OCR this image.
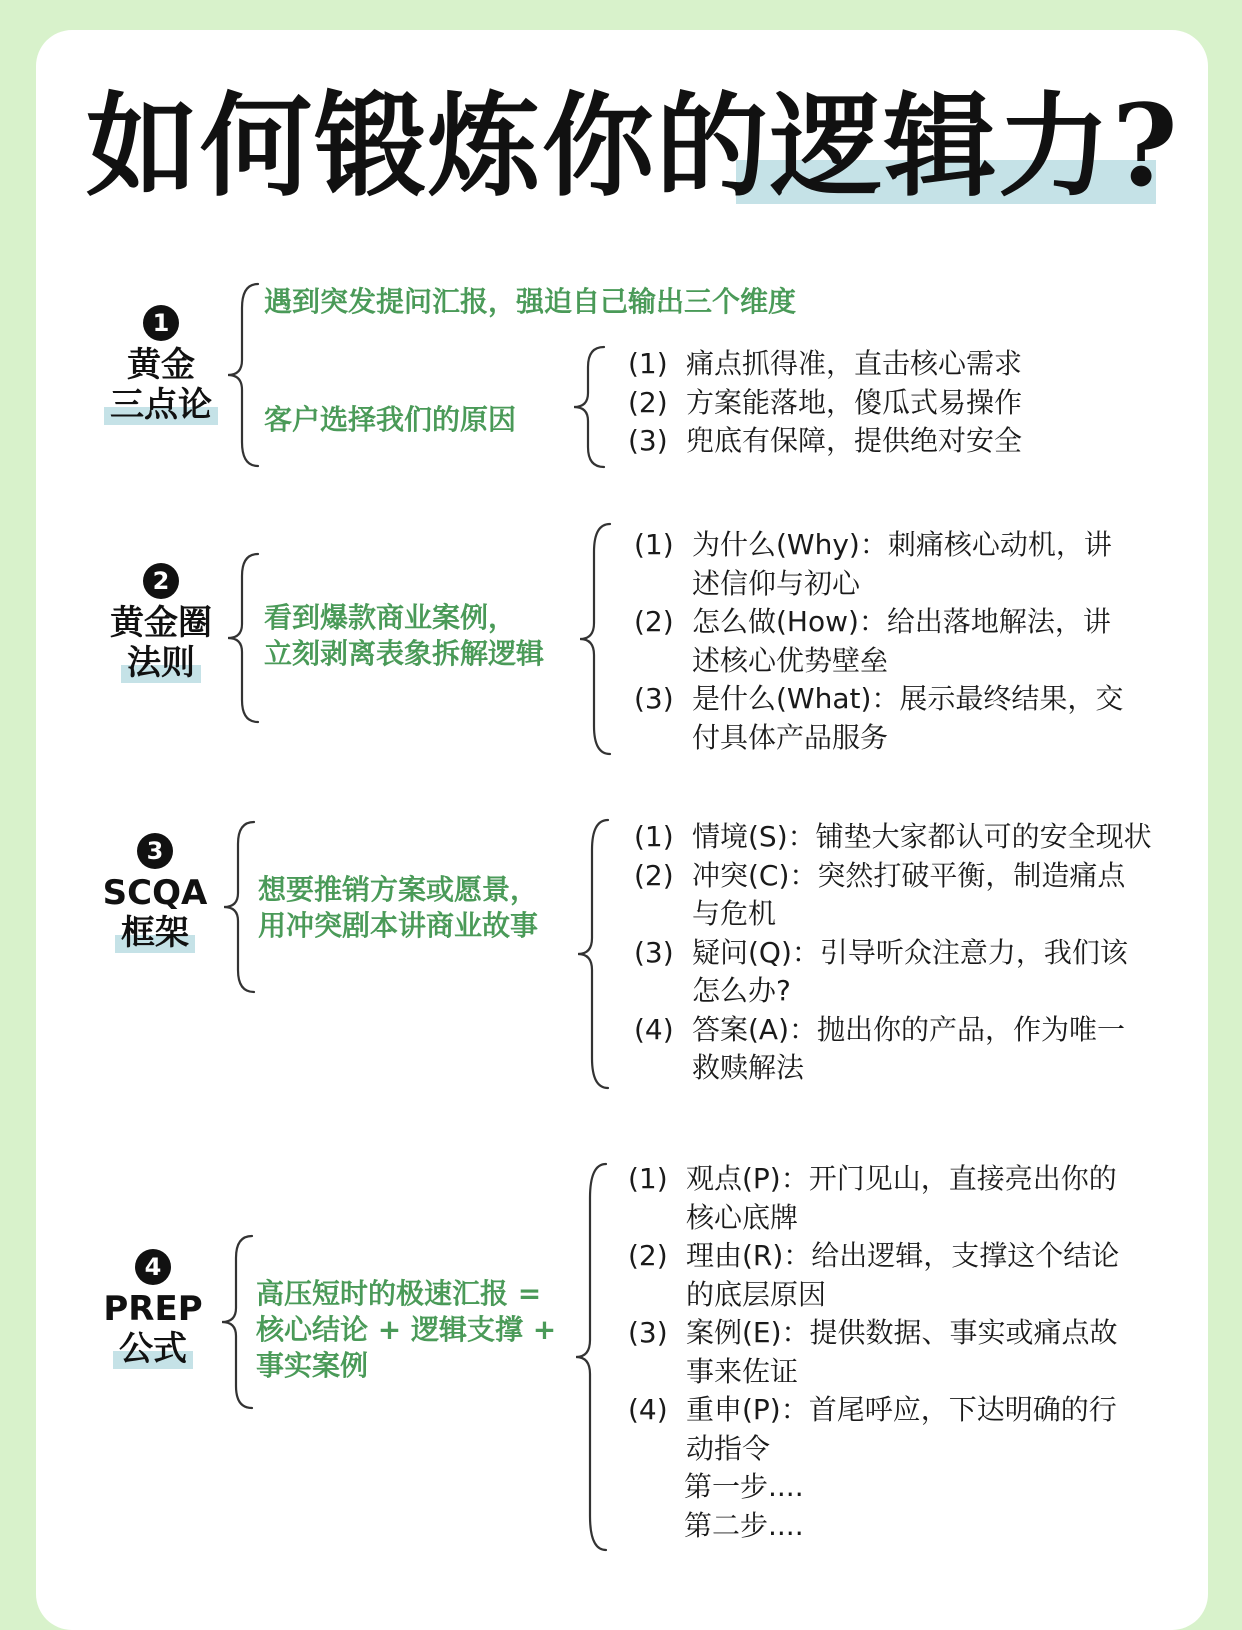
如何锻炼你的逻辑力?
1
黄金
三点论
遇到突发提问汇报，强迫自己输出三个维度
客户选择我们的原因
(1) 痛点抓得准，直击核心需求
(2) 方案能落地，傻瓜式易操作
(3) 兜底有保障，提供绝对安全
2
黄金圈
法则
看到爆款商业案例，
立刻剥离表象拆解逻辑
(1) 为什么(Why)：刺痛核心动机，讲
述信仰与初心
(2) 怎么做(How)：给出落地解法，讲
述核心优势壁垒
(3) 是什么(What)：展示最终结果，交
付具体产品服务
3
SCQA
框架
想要推销方案或愿景，
用冲突剧本讲商业故事
(1) 情境(S)：铺垫大家都认可的安全现状
(2) 冲突(C)：突然打破平衡，制造痛点
与危机
(3) 疑问(Q)：引导听众注意力，我们该
怎么办?
(4) 答案(A)：抛出你的产品，作为唯一
救赎解法
4
PREP
公式
高压短时的极速汇报 =
核心结论 + 逻辑支撑 +
事实案例
(1) 观点(P)：开门见山，直接亮出你的
核心底牌
(2) 理由(R)：给出逻辑，支撑这个结论
的底层原因
(3) 案例(E)：提供数据、事实或痛点故
事来佐证
(4) 重申(P)：首尾呼应，下达明确的行
动指令
第一步....
第二步....
